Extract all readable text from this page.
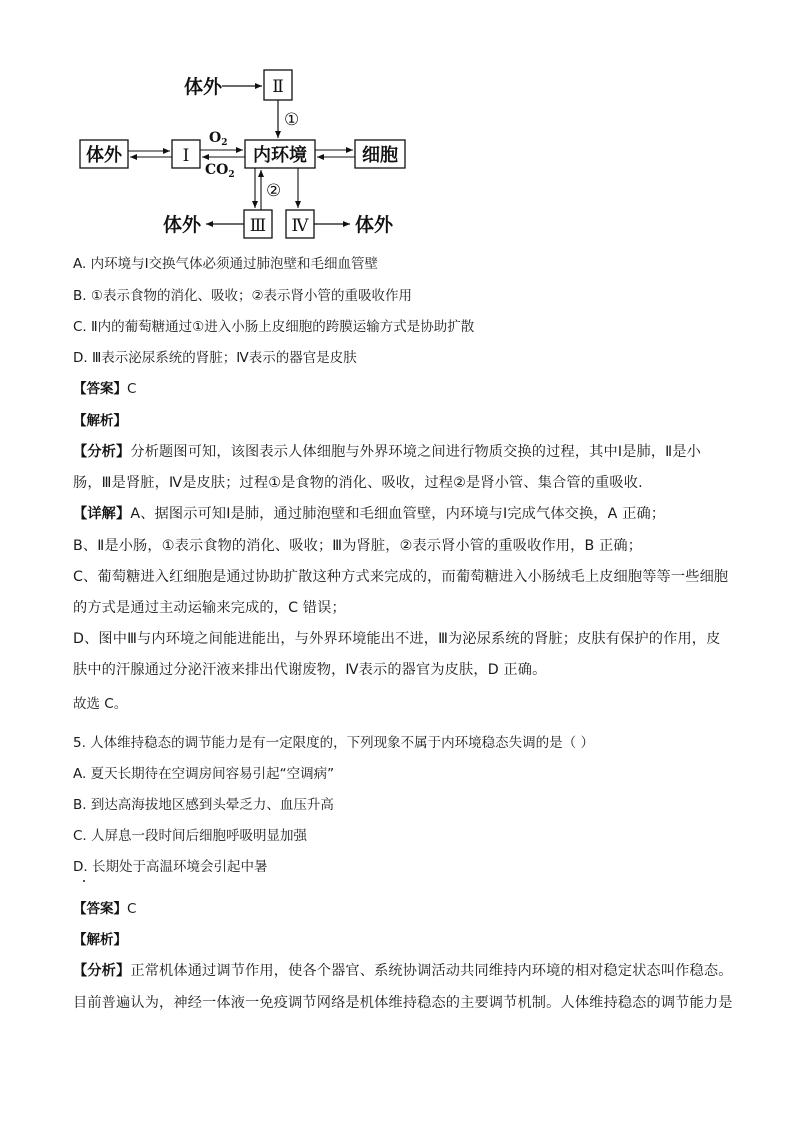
体外	Ⅱ
①
体外	Ⅰ
$O_2$
$CO_2$
内环境	细胞
②
Ⅲ
体外	Ⅳ 体外
A. 内环境与Ⅰ交换气体必须通过肺泡壁和毛细血管壁
B. ①表示食物的消化、吸收；②表示肾小管的重吸收作用
C. Ⅱ内的葡萄糖通过①进入小肠上皮细胞的跨膜运输方式是协助扩散
D. Ⅲ表示泌尿系统的肾脏；Ⅳ表示的器官是皮肤
【答案】C
【解析】
【分析】分析题图可知，该图表示人体细胞与外界环境之间进行物质交换的过程，其中Ⅰ是肺，Ⅱ是小
肠，Ⅲ是肾脏，Ⅳ是皮肤；过程①是食物的消化、吸收，过程②是肾小管、集合管的重吸收.
【详解】A、据图示可知Ⅰ是肺，通过肺泡壁和毛细血管壁，内环境与Ⅰ完成气体交换，A 正确；
B、Ⅱ是小肠，①表示食物的消化、吸收；Ⅲ为肾脏，②表示肾小管的重吸收作用，B 正确；
C、葡萄糖进入红细胞是通过协助扩散这种方式来完成的，而葡萄糖进入小肠绒毛上皮细胞等等一些细胞
的方式是通过主动运输来完成的，C 错误；
D、图中Ⅲ与内环境之间能进能出，与外界环境能出不进，Ⅲ为泌尿系统的肾脏；皮肤有保护的作用，皮
肤中的汗腺通过分泌汗液来排出代谢废物，Ⅳ表示的器官为皮肤，D 正确。
故选 C。
5. 人体维持稳态的调节能力是有一定限度的，下列现象不属于内环境稳态失调的是（ ）
A. 夏天长期待在空调房间容易引起“空调病”
B. 到达高海拔地区感到头晕乏力、血压升高
C. 人屏息一段时间后细胞呼吸明显加强
D. 长期处于高温环境会引起中暑
【答案】C
【解析】
【分析】正常机体通过调节作用，使各个器官、系统协调活动共同维持内环境的相对稳定状态叫作稳态。
目前普遍认为，神经一体液一免疫调节网络是机体维持稳态的主要调节机制。人体维持稳态的调节能力是
